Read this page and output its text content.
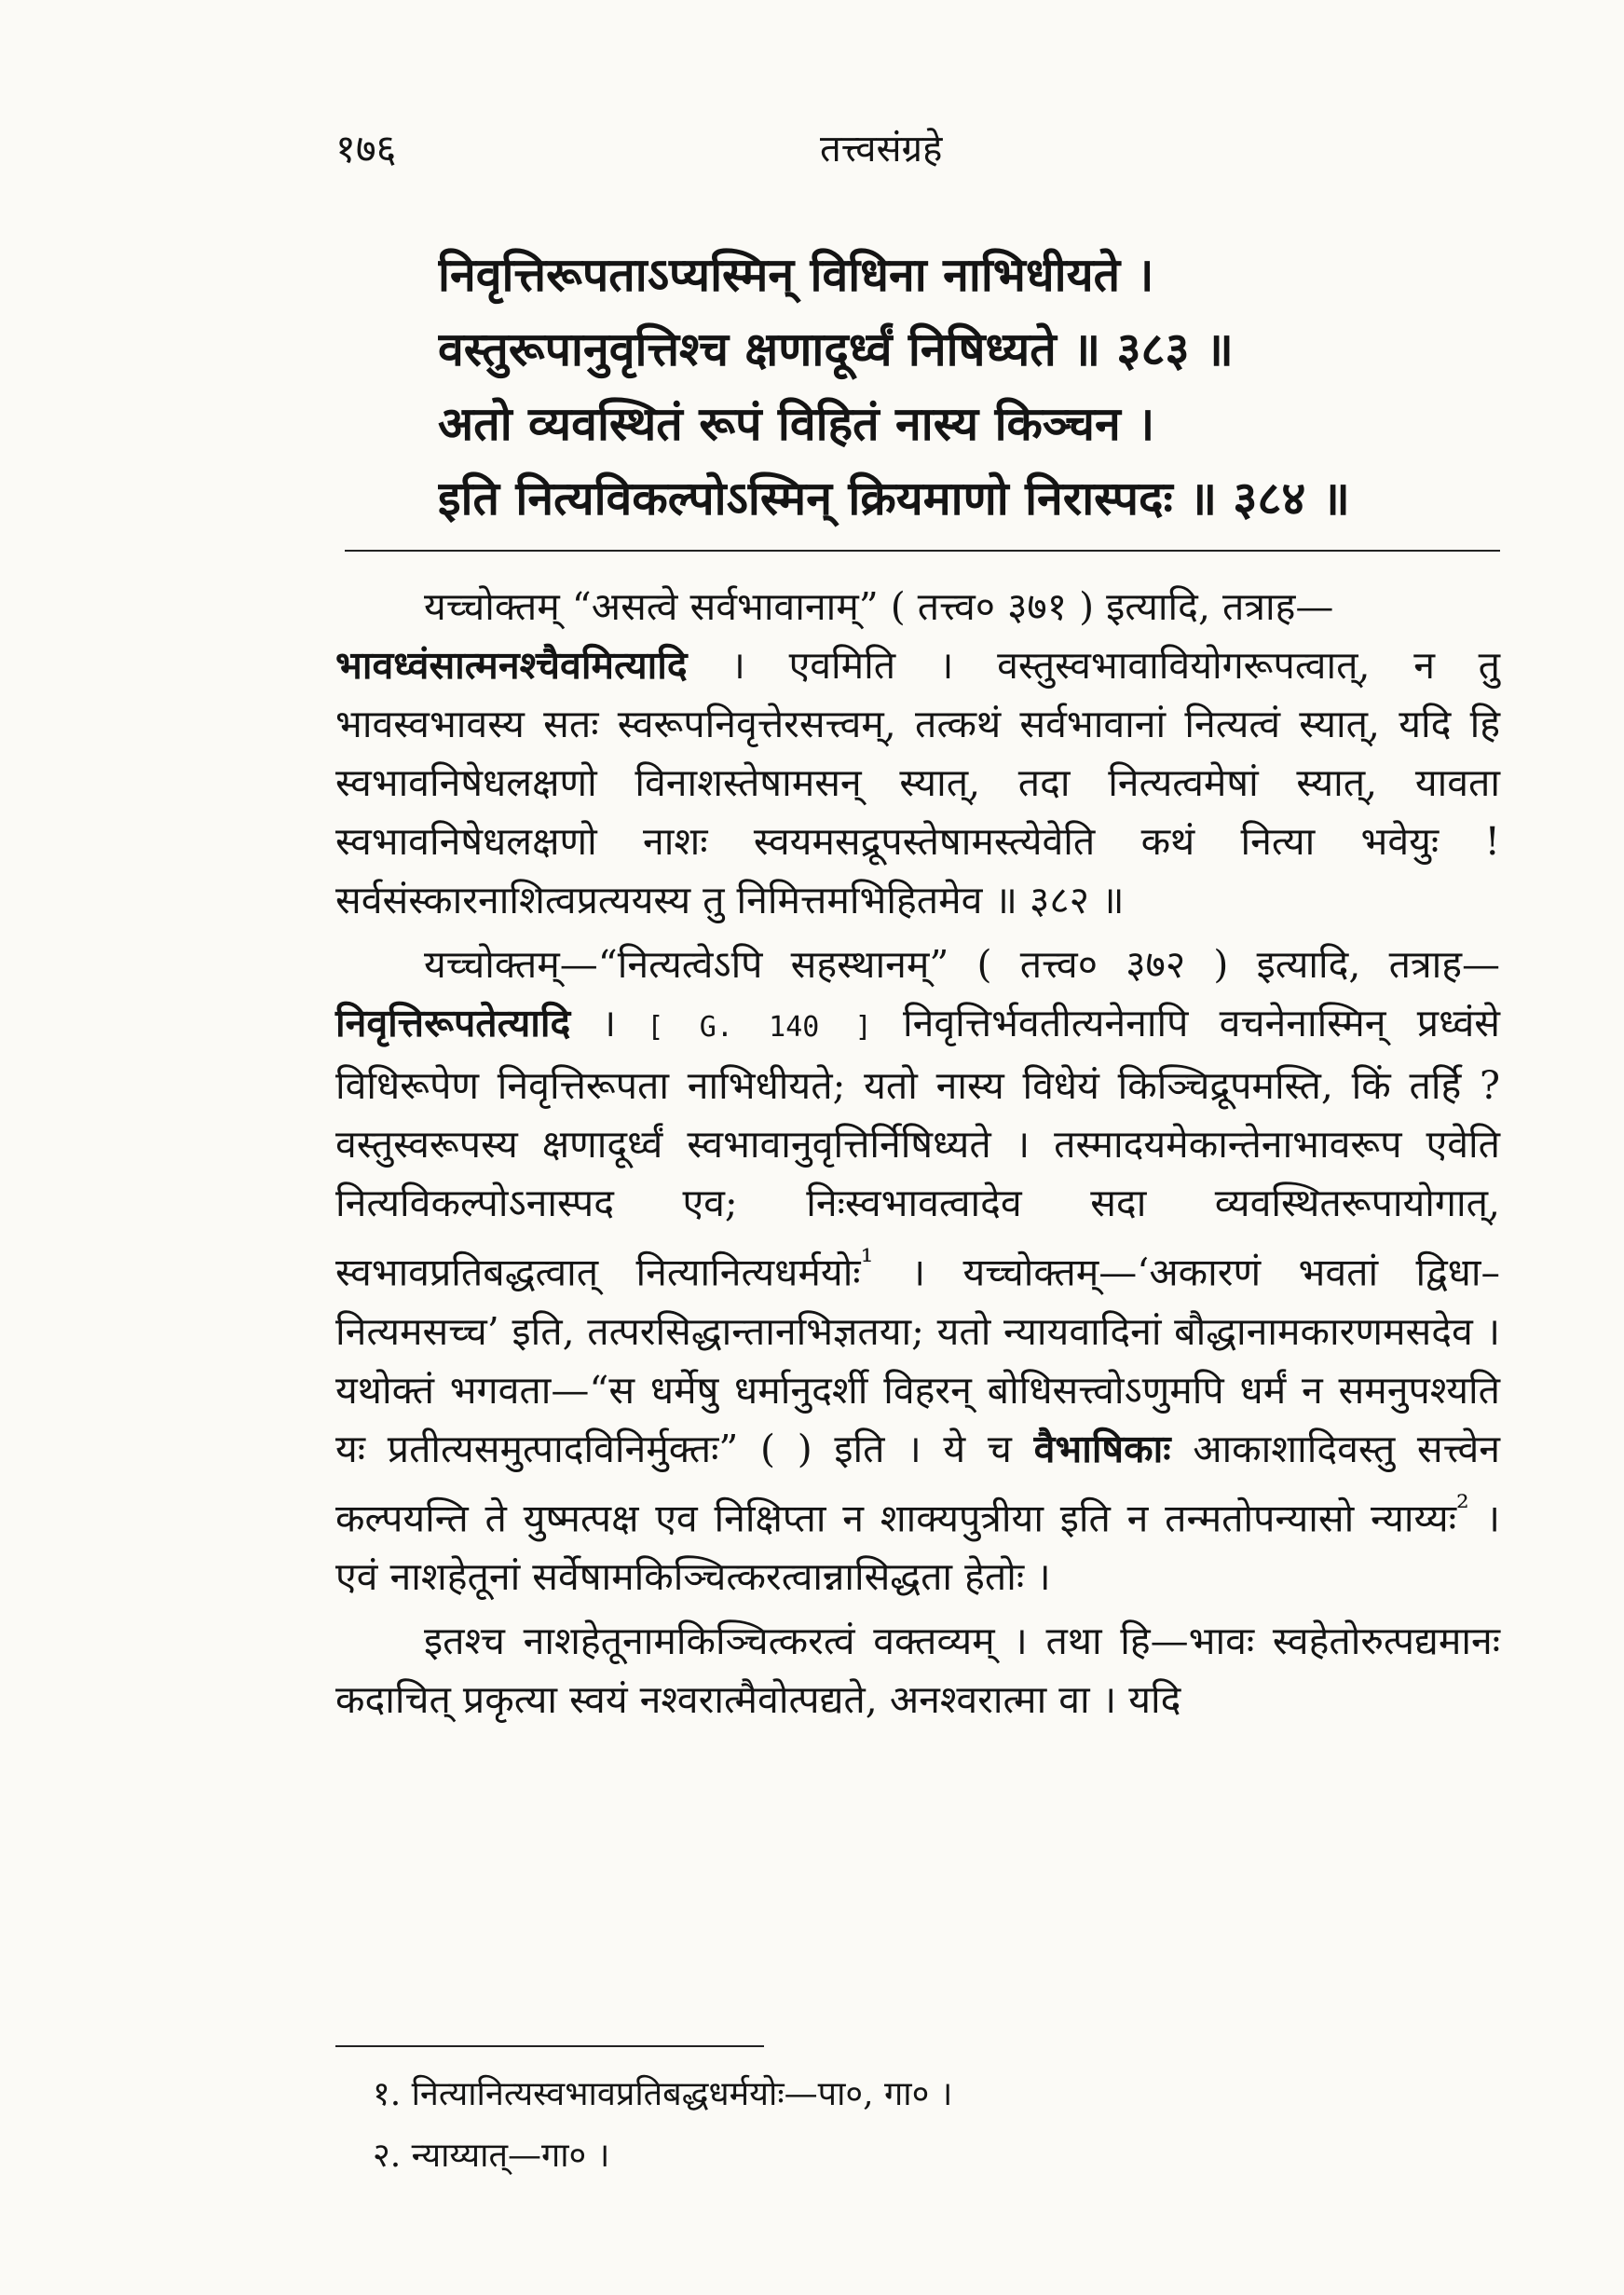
१७६	तत्त्वसंग्रहे
निवृत्तिरूपताऽप्यस्मिन् विधिना नाभिधीयते ।
वस्तुरूपानुवृत्तिश्च क्षणादूर्ध्वं निषिध्यते ॥ ३८३ ॥
अतो व्यवस्थितं रूपं विहितं नास्य किञ्चन ।
इति नित्यविकल्पोऽस्मिन् क्रियमाणो निरास्पदः ॥ ३८४ ॥

यच्चोक्तम् “असत्वे सर्वभावानाम्” ( तत्त्व० ३७१ ) इत्यादि, तत्राह—
भावध्वंसात्मनश्चैवमित्यादि । एवमिति । वस्तुस्वभावावियोगरूपत्वात्, न तु भावस्वभावस्य सतः स्वरूपनिवृत्तेरसत्त्वम्, तत्कथं सर्वभावानां नित्यत्वं स्यात्, यदि हि स्वभावनिषेधलक्षणो विनाशस्तेषामसन् स्यात्, तदा नित्यत्वमेषां स्यात्, यावता स्वभावनिषेधलक्षणो नाशः स्वयमसद्रूपस्तेषामस्त्येवेति कथं नित्या भवेयुः ! सर्वसंस्कारनाशित्वप्रत्ययस्य तु निमित्तमभिहितमेव ॥ ३८२ ॥

यच्चोक्तम्—“नित्यत्वेऽपि सहस्थानम्” ( तत्त्व० ३७२ ) इत्यादि, तत्राह—निवृत्तिरूपतेत्यादि । [ G. 140 ] निवृत्तिर्भवतीत्यनेनापि वचनेनास्मिन् प्रध्वंसे विधिरूपेण निवृत्तिरूपता नाभिधीयते; यतो नास्य विधेयं किञ्चिद्रूपमस्ति, किं तर्हि ? वस्तुस्वरूपस्य क्षणादूर्ध्वं स्वभावानुवृत्तिर्निषिध्यते । तस्मादयमेकान्तेनाभावरूप एवेति नित्यविकल्पोऽनास्पद एव; निःस्वभावत्वादेव सदा व्यवस्थितरूपायोगात्, स्वभावप्रतिबद्धत्वात् नित्यानित्यधर्मयोः$^{^1}$ । यच्चोक्तम्—‘अकारणं भवतां द्विधा–नित्यमसच्च’ इति, तत्परसिद्धान्तानभिज्ञतया; यतो न्यायवादिनां बौद्धानामकारणमसदेव । यथोक्तं भगवता—“स धर्मेषु धर्मानुदर्शी विहरन् बोधिसत्त्वोऽणुमपि धर्मं न समनुपश्यति यः प्रतीत्यसमुत्पादविनिर्मुक्तः” ( ) इति । ये च वैभाषिकाः आकाशादिवस्तु सत्त्वेन कल्पयन्ति ते युष्मत्पक्ष एव निक्षिप्ता न शाक्यपुत्रीया इति न तन्मतोपन्यासो न्याय्यः$^{^2}$ । एवं नाशहेतूनां सर्वेषामकिञ्चित्करत्वान्नासिद्धता हेतोः ।

इतश्च नाशहेतूनामकिञ्चित्करत्वं वक्तव्यम् । तथा हि—भावः स्वहेतोरुत्पद्यमानः कदाचित् प्रकृत्या स्वयं नश्वरात्मैवोत्पद्यते, अनश्वरात्मा वा । यदि

१. नित्यानित्यस्वभावप्रतिबद्धधर्मयोः—पा०, गा० ।
२. न्याय्यात्—गा० ।
